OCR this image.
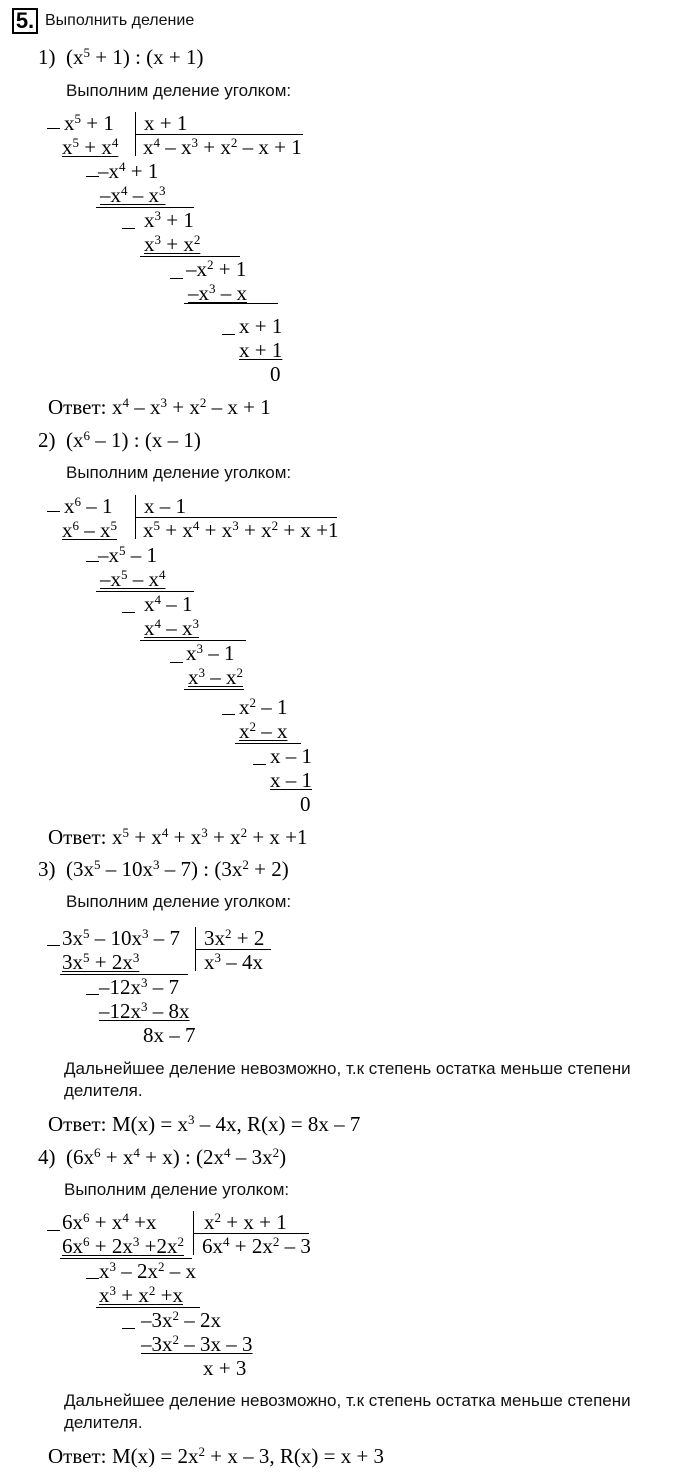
5. Выполнить деление
1) $(x^5 + 1)$ : (x + 1)
Выполним деление уголком:
$x^5 + 1$ x + 1
$x^4 - x^3 + x^2 - x + 1$
$x^5 + x^4$
$-x^4 + 1$
$-x^4 - x^3$
$x^3 + 1$
$x^3 + x^2$
$-x^2 + 1$
$-x^3$ – x
x + 1
x + 1
0
Ответ: $x^4 - x^3 + x^2 - x + 1$
2) $(x^6 - 1)$ : (x – 1)
Выполним деление уголком:
$x^6 - 1$ x – 1
$x^5 + x^4 + x^3 + x^2 + x +1$
$x^6 - x^5$
$-x^5 - 1$
$-x^5 - x^4$
$x^4 - 1$
$x^4 - x^3$
$x^3 - 1$
$x^3 - x^2$
$x^2 - 1$
$x^2$ – x
x – 1
x – 1
0
Ответ: $x^5 + x^4 + x^3 + x^2 + x +1$
3) $(3x^5 - 10x^3 - 7)$ : $(3x^2 + 2)$
Выполним деление уголком:
$3x^5 - 10x^3 - 7$ $3x^2 + 2$
$x^3 - 4x$
$3x^5 + 2x^3$
$-12x^3 - 7$
$-12x^3 - 8x$
8x – 7
Дальнейшее деление невозможно, т.к степень остатка меньше степени
делителя.
Ответ: $M(x) = x^3 - 4x$, R(x) = 8x – 7
4) $(6x^6 + x^4 + x)$ : $(2x^4 - 3x^2)$
Выполним деление уголком:
$6x^6 + x^4 +x$ $x^2 + x + 1$
$6x^4 + 2x^2 - 3$
$6x^6 + 2x^3 +2x^2$
$x^3 - 2x^2$ – x
$x^3 + x^2 +x$
$-3x^2 - 2x$
$-3x^2 - 3x - 3$
x + 3
Дальнейшее деление невозможно, т.к степень остатка меньше степени
делителя.
Ответ: $M(x) = 2x^2 + x - 3$, R(x) = x + 3
